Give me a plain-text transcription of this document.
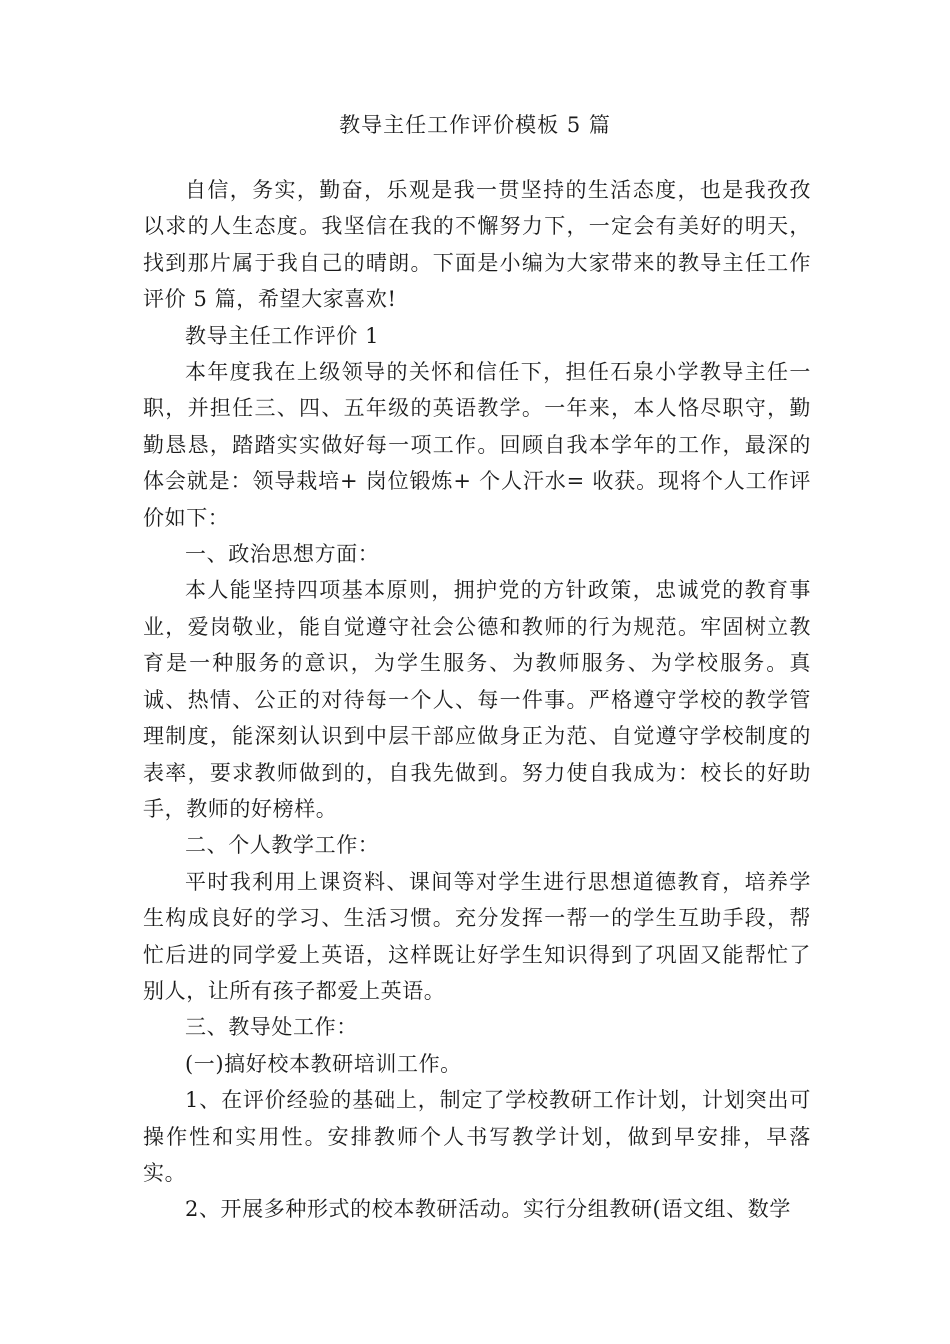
教导主任工作评价模板 5 篇

自信，务实，勤奋，乐观是我一贯坚持的生活态度，也是我孜孜以求的人生态度。我坚信在我的不懈努力下，一定会有美好的明天，找到那片属于我自己的晴朗。下面是小编为大家带来的教导主任工作评价 5 篇，希望大家喜欢!

教导主任工作评价 1

本年度我在上级领导的关怀和信任下，担任石泉小学教导主任一职，并担任三、四、五年级的英语教学。一年来，本人恪尽职守，勤勤恳恳，踏踏实实做好每一项工作。回顾自我本学年的工作，最深的体会就是：领导栽培+ 岗位锻炼+ 个人汗水= 收获。现将个人工作评价如下：

一、政治思想方面：

本人能坚持四项基本原则，拥护党的方针政策，忠诚党的教育事业，爱岗敬业，能自觉遵守社会公德和教师的行为规范。牢固树立教育是一种服务的意识，为学生服务、为教师服务、为学校服务。真诚、热情、公正的对待每一个人、每一件事。严格遵守学校的教学管理制度，能深刻认识到中层干部应做身正为范、自觉遵守学校制度的表率，要求教师做到的，自我先做到。努力使自我成为：校长的好助手，教师的好榜样。

二、个人教学工作：

平时我利用上课资料、课间等对学生进行思想道德教育，培养学生构成良好的学习、生活习惯。充分发挥一帮一的学生互助手段，帮忙后进的同学爱上英语，这样既让好学生知识得到了巩固又能帮忙了别人，让所有孩子都爱上英语。

三、教导处工作：

(一)搞好校本教研培训工作。

1、在评价经验的基础上，制定了学校教研工作计划，计划突出可操作性和实用性。安排教师个人书写教学计划，做到早安排，早落实。

2、开展多种形式的校本教研活动。实行分组教研(语文组、数学
